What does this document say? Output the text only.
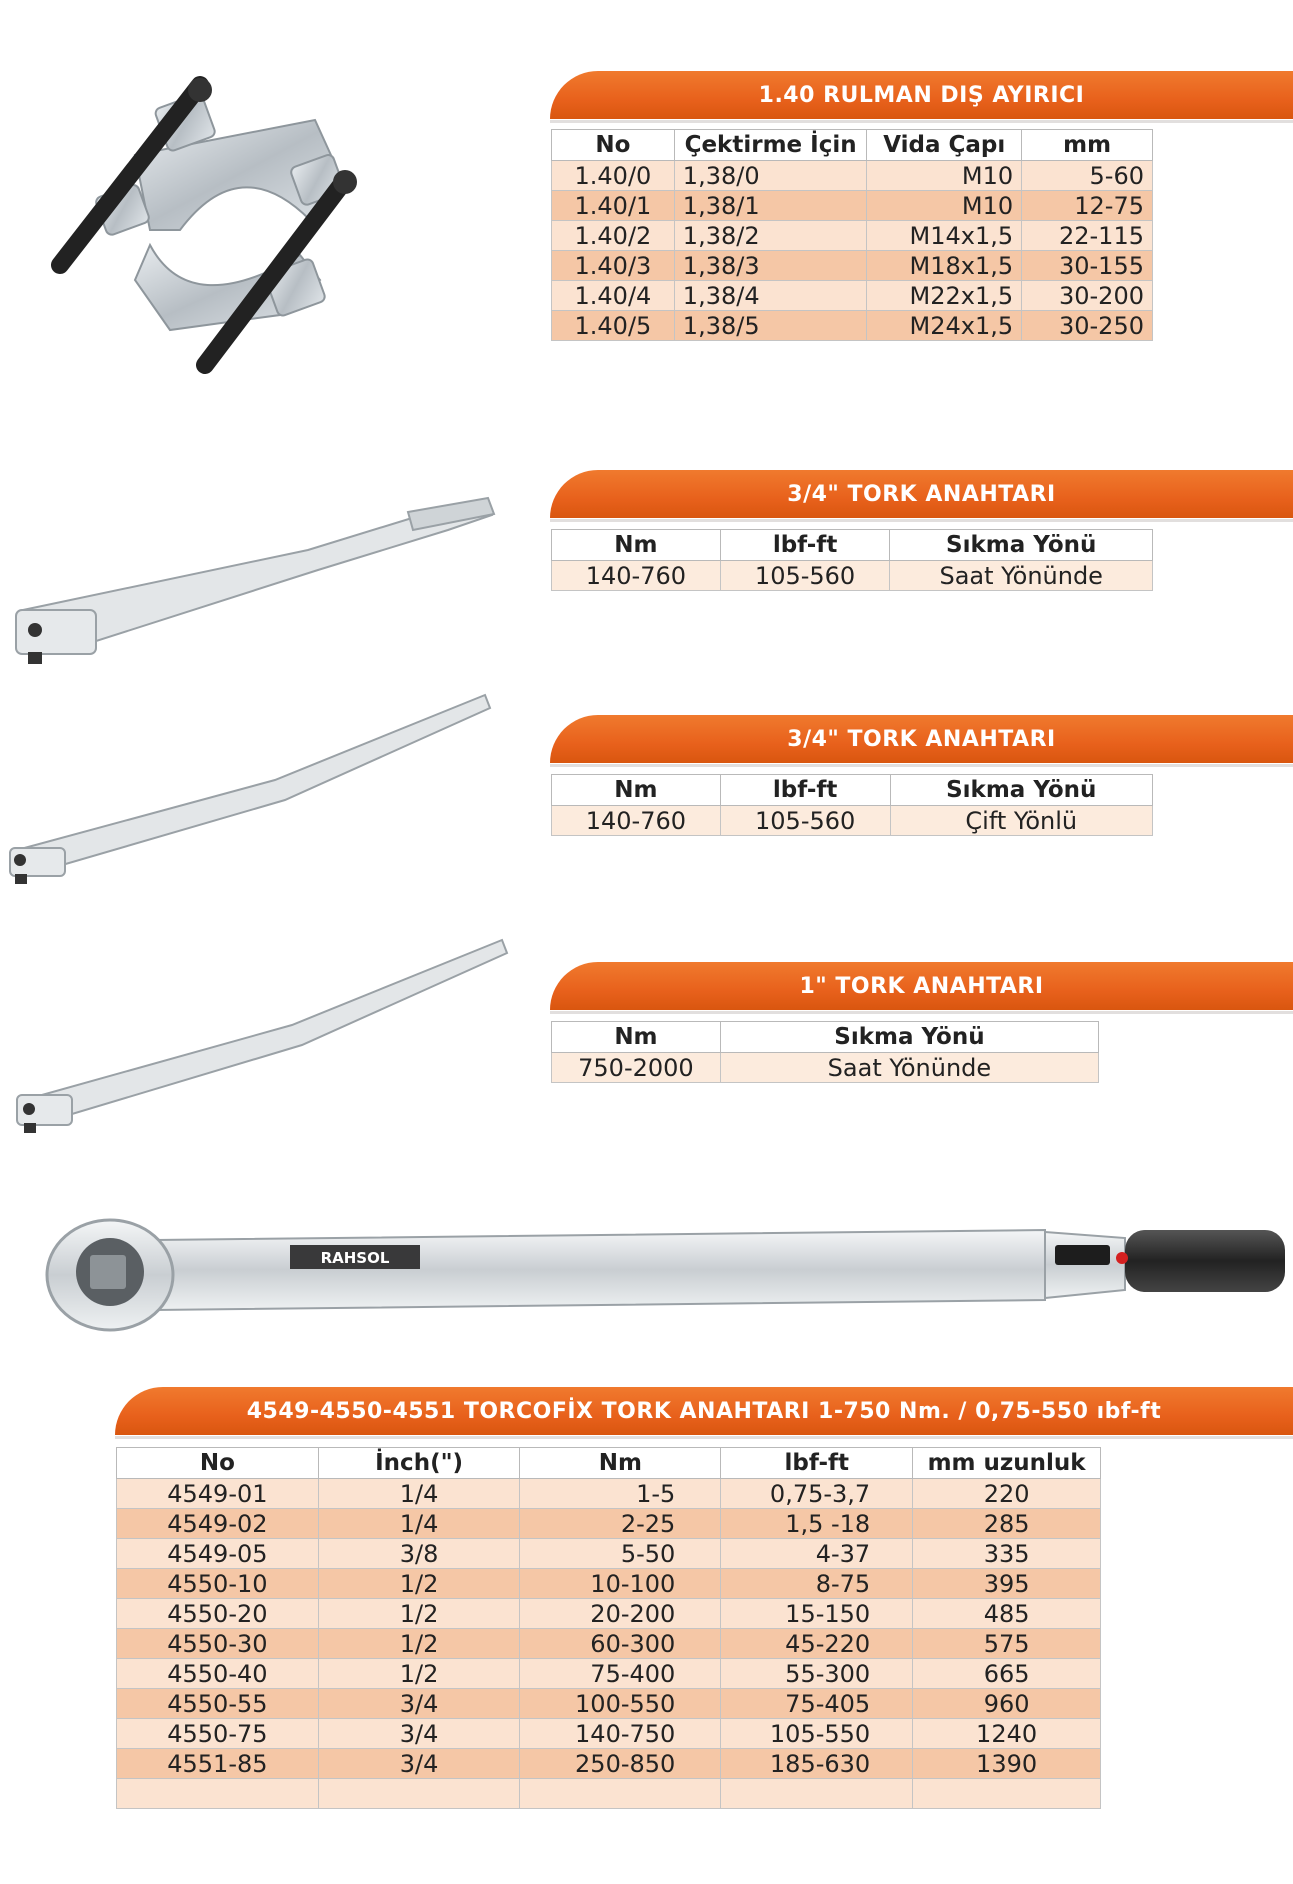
1.40 RULMAN DIŞ AYIRICI
No	Çektirme İçin	Vida Çapı	mm
1.40/0	1,38/0	M10	5-60
1.40/1	1,38/1	M10	12-75
1.40/2	1,38/2	M14x1,5	22-115
1.40/3	1,38/3	M18x1,5	30-155
1.40/4	1,38/4	M22x1,5	30-200
1.40/5	1,38/5	M24x1,5	30-250
3/4" TORK ANAHTARI
Nm	lbf-ft	Sıkma Yönü
140-760	105-560	Saat Yönünde
3/4" TORK ANAHTARI
Nm	lbf-ft	Sıkma Yönü
140-760	105-560	Çift Yönlü
1" TORK ANAHTARI
Nm	Sıkma Yönü
750-2000	Saat Yönünde
RAHSOL
4549-4550-4551 TORCOFİX TORK ANAHTARI 1-750 Nm. / 0,75-550 ıbf-ft
No	İnch(")	Nm	lbf-ft	mm uzunluk
4549-01	1/4	1-5	0,75-3,7	220
4549-02	1/4	2-25	1,5 -18	285
4549-05	3/8	5-50	4-37	335
4550-10	1/2	10-100	8-75	395
4550-20	1/2	20-200	15-150	485
4550-30	1/2	60-300	45-220	575
4550-40	1/2	75-400	55-300	665
4550-55	3/4	100-550	75-405	960
4550-75	3/4	140-750	105-550	1240
4551-85	3/4	250-850	185-630	1390
